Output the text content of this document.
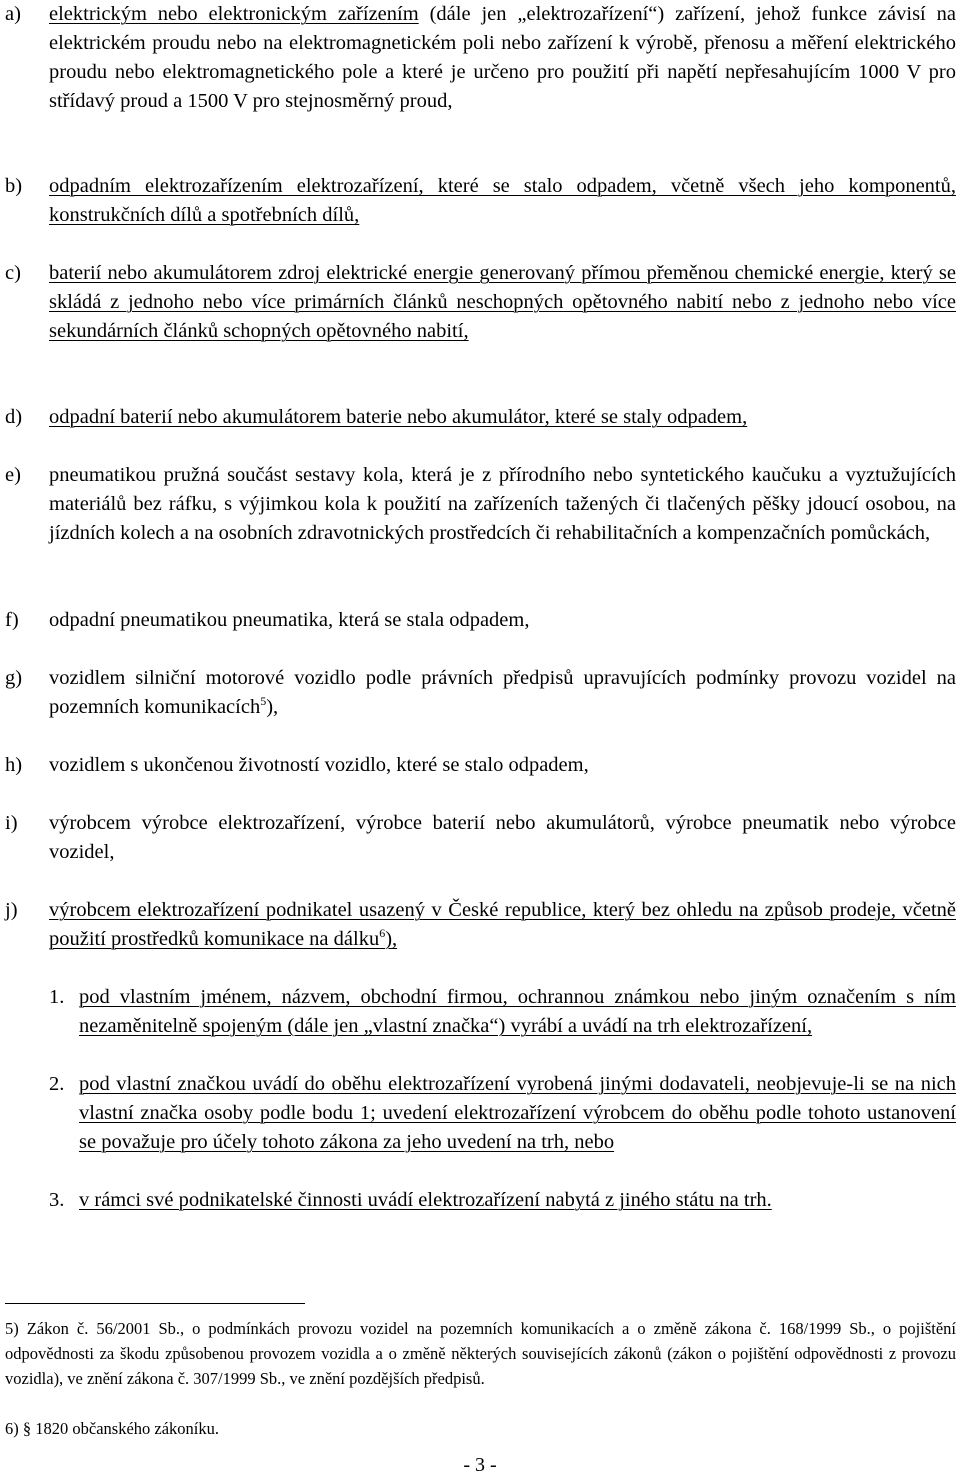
a) elektrickým nebo elektronickým zařízením (dále jen „elektrozařízení“) zařízení, jehož funkce závisí na elektrickém proudu nebo na elektromagnetickém poli nebo zařízení k výrobě, přenosu a měření elektrického proudu nebo elektromagnetického pole a které je určeno pro použití při napětí nepřesahujícím 1000 V pro střídavý proud a 1500 V pro stejnosměrný proud,
b) odpadním elektrozařízením elektrozařízení, které se stalo odpadem, včetně všech jeho komponentů, konstrukčních dílů a spotřebních dílů,
c) baterií nebo akumulátorem zdroj elektrické energie generovaný přímou přeměnou chemické energie, který se skládá z jednoho nebo více primárních článků neschopných opětovného nabití nebo z jednoho nebo více sekundárních článků schopných opětovného nabití,
d) odpadní baterií nebo akumulátorem baterie nebo akumulátor, které se staly odpadem,
e) pneumatikou pružná součást sestavy kola, která je z přírodního nebo syntetického kaučuku a vyztužujících materiálů bez ráfku, s výjimkou kola k použití na zařízeních tažených či tlačených pěšky jdoucí osobou, na jízdních kolech a na osobních zdravotnických prostředcích či rehabilitačních a kompenzačních pomůckách,
f) odpadní pneumatikou pneumatika, která se stala odpadem,
g) vozidlem silniční motorové vozidlo podle právních předpisů upravujících podmínky provozu vozidel na pozemních komunikacích$^5$),
h) vozidlem s ukončenou životností vozidlo, které se stalo odpadem,
i) výrobcem výrobce elektrozařízení, výrobce baterií nebo akumulátorů, výrobce pneumatik nebo výrobce vozidel,
j) výrobcem elektrozařízení podnikatel usazený v České republice, který bez ohledu na způsob prodeje, včetně použití prostředků komunikace na dálku$^6$),
1. pod vlastním jménem, názvem, obchodní firmou, ochrannou známkou nebo jiným označením s ním nezaměnitelně spojeným (dále jen „vlastní značka“) vyrábí a uvádí na trh elektrozařízení,
2. pod vlastní značkou uvádí do oběhu elektrozařízení vyrobená jinými dodavateli, neobjevuje-li se na nich vlastní značka osoby podle bodu 1; uvedení elektrozařízení výrobcem do oběhu podle tohoto ustanovení se považuje pro účely tohoto zákona za jeho uvedení na trh, nebo
3. v rámci své podnikatelské činnosti uvádí elektrozařízení nabytá z jiného státu na trh.
5) Zákon č. 56/2001 Sb., o podmínkách provozu vozidel na pozemních komunikacích a o změně zákona č. 168/1999 Sb., o pojištění odpovědnosti za škodu způsobenou provozem vozidla a o změně některých souvisejících zákonů (zákon o pojištění odpovědnosti z provozu vozidla), ve znění zákona č. 307/1999 Sb., ve znění pozdějších předpisů.
6) § 1820 občanského zákoníku.
- 3 -
